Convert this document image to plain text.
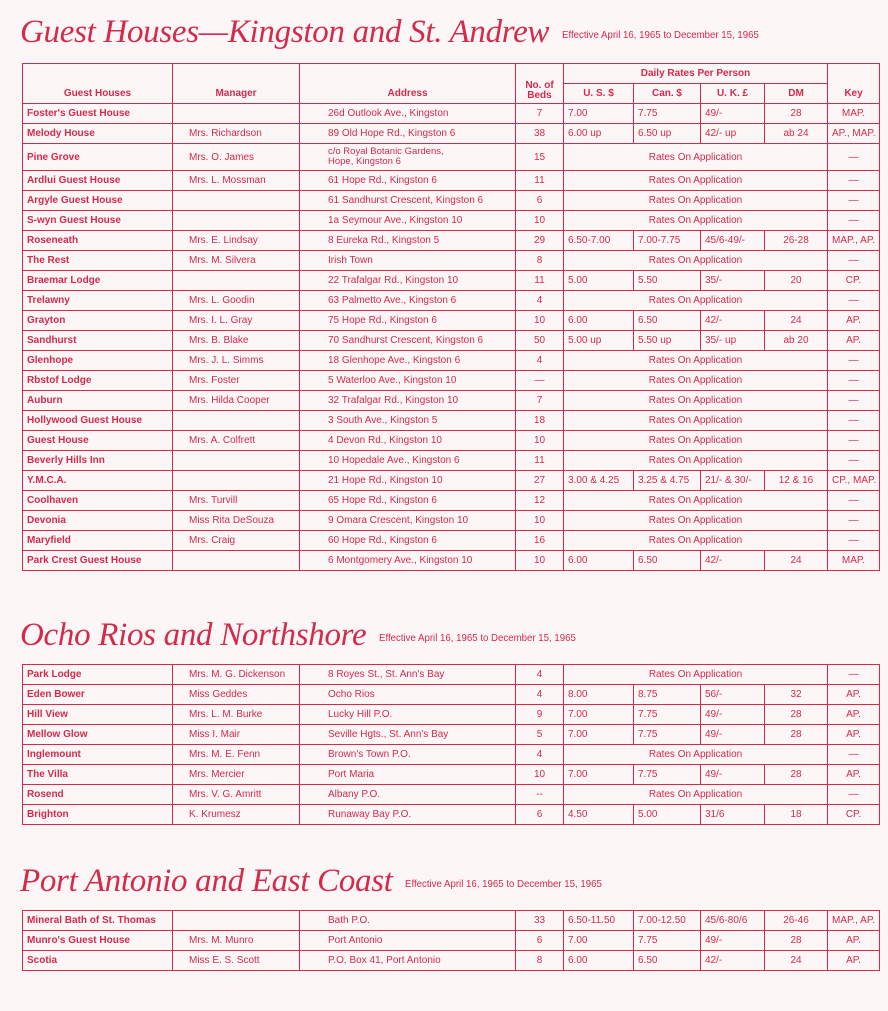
Guest Houses—Kingston and St. Andrew Effective April 16, 1965 to December 15, 1965
Guest Houses	Manager	Address	No. of Beds	Daily Rates Per Person				Key
				U. S. $	Can. $	U. K. £	DM	
Foster's Guest House		26d Outlook Ave., Kingston	7	7.00	7.75	49/-	28	MAP.
Melody House	Mrs. Richardson	89 Old Hope Rd., Kingston 6	38	6.00 up	6.50 up	42/- up	ab 24	AP., MAP.
Pine Grove	Mrs. O. James	c/o Royal Botanic Gardens,
Hope, Kingston 6	15	Rates On Application				—
Ardlui Guest House	Mrs. L. Mossman	61 Hope Rd., Kingston 6	11	Rates On Application				—
Argyle Guest House		61 Sandhurst Crescent, Kingston 6	6	Rates On Application				—
S-wyn Guest House		1a Seymour Ave., Kingston 10	10	Rates On Application				—
Roseneath	Mrs. E. Lindsay	8 Eureka Rd., Kingston 5	29	6.50-7.00	7.00-7.75	45/6-49/-	26-28	MAP., AP.
The Rest	Mrs. M. Silvera	Irish Town	8	Rates On Application				—
Braemar Lodge		22 Trafalgar Rd., Kingston 10	11	5.00	5.50	35/-	20	CP.
Trelawny	Mrs. L. Goodin	63 Palmetto Ave., Kingston 6	4	Rates On Application				—
Grayton	Mrs. I. L. Gray	75 Hope Rd., Kingston 6	10	6.00	6.50	42/-	24	AP.
Sandhurst	Mrs. B. Blake	70 Sandhurst Crescent, Kingston 6	50	5.00 up	5.50 up	35/- up	ab 20	AP.
Glenhope	Mrs. J. L. Simms	18 Glenhope Ave., Kingston 6	4	Rates On Application				—
Rbstof Lodge	Mrs. Foster	5 Waterloo Ave., Kingston 10	—	Rates On Application				—
Auburn	Mrs. Hilda Cooper	32 Trafalgar Rd., Kingston 10	7	Rates On Application				—
Hollywood Guest House		3 South Ave., Kingston 5	18	Rates On Application				—
Guest House	Mrs. A. Colfrett	4 Devon Rd., Kingston 10	10	Rates On Application				—
Beverly Hills Inn		10 Hopedale Ave., Kingston 6	11	Rates On Application				—
Y.M.C.A.		21 Hope Rd., Kingston 10	27	3.00 & 4.25	3.25 & 4.75	21/- & 30/-	12 & 16	CP., MAP.
Coolhaven	Mrs. Turvill	65 Hope Rd., Kingston 6	12	Rates On Application				—
Devonia	Miss Rita DeSouza	9 Omara Crescent, Kingston 10	10	Rates On Application				—
Maryfield	Mrs. Craig	60 Hope Rd., Kingston 6	16	Rates On Application				—
Park Crest Guest House		6 Montgomery Ave., Kingston 10	10	6.00	6.50	42/-	24	MAP.
Ocho Rios and Northshore Effective April 16, 1965 to December 15, 1965
Park Lodge	Mrs. M. G. Dickenson	8 Royes St., St. Ann's Bay	4	Rates On Application				—
Eden Bower	Miss Geddes	Ocho Rios	4	8.00	8.75	56/-	32	AP.
Hill View	Mrs. L. M. Burke	Lucky Hill P.O.	9	7.00	7.75	49/-	28	AP.
Mellow Glow	Miss I. Mair	Seville Hgts., St. Ann's Bay	5	7.00	7.75	49/-	28	AP.
Inglemount	Mrs. M. E. Fenn	Brown's Town P.O.	4	Rates On Application				—
The Villa	Mrs. Mercier	Port Maria	10	7.00	7.75	49/-	28	AP.
Rosend	Mrs. V. G. Amritt	Albany P.O.	--	Rates On Application				—
Brighton	K. Krumesz	Runaway Bay P.O.	6	4.50	5.00	31/6	18	CP.
Port Antonio and East Coast Effective April 16, 1965 to December 15, 1965
Mineral Bath of St. Thomas		Bath P.O.	33	6.50-11.50	7.00-12.50	45/6-80/6	26-46	MAP., AP.
Munro's Guest House	Mrs. M. Munro	Port Antonio	6	7.00	7.75	49/-	28	AP.
Scotia	Miss E. S. Scott	P.O. Box 41, Port Antonio	8	6.00	6.50	42/-	24	AP.
